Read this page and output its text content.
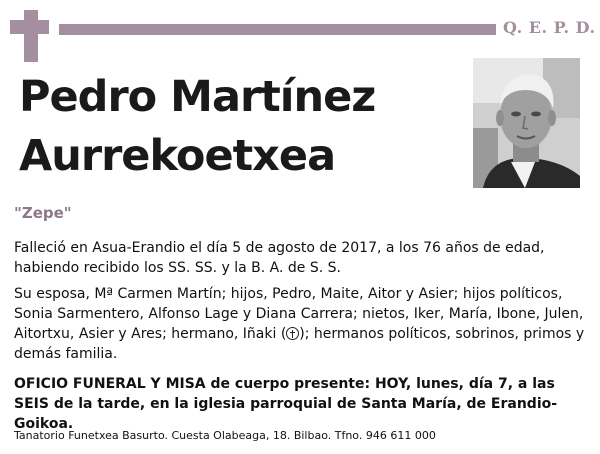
Q. E. P. D.
Pedro Martínez
Aurrekoetxea
"Zepe"

Falleció en Asua-Erandio el día 5 de agosto de 2017, a los 76 años de edad, habiendo recibido los SS. SS. y la B. A. de S. S.

Su esposa, Mª Carmen Martín; hijos, Pedro, Maite, Aitor y Asier; hijos políticos, Sonia Sarmentero, Alfonso Lage y Diana Carrera; nietos, Iker, María, Ibone, Julen, Aitortxu, Asier y Ares; hermano, Iñaki ( ); hermanos políticos, sobrinos, primos y demás familia.

OFICIO FUNERAL Y MISA de cuerpo presente: HOY, lunes, día 7, a las SEIS de la tarde, en la iglesia parroquial de Santa María, de Erandio-Goikoa.

Tanatorio Funetxea Basurto. Cuesta Olabeaga, 18. Bilbao. Tfno. 946 611 000
